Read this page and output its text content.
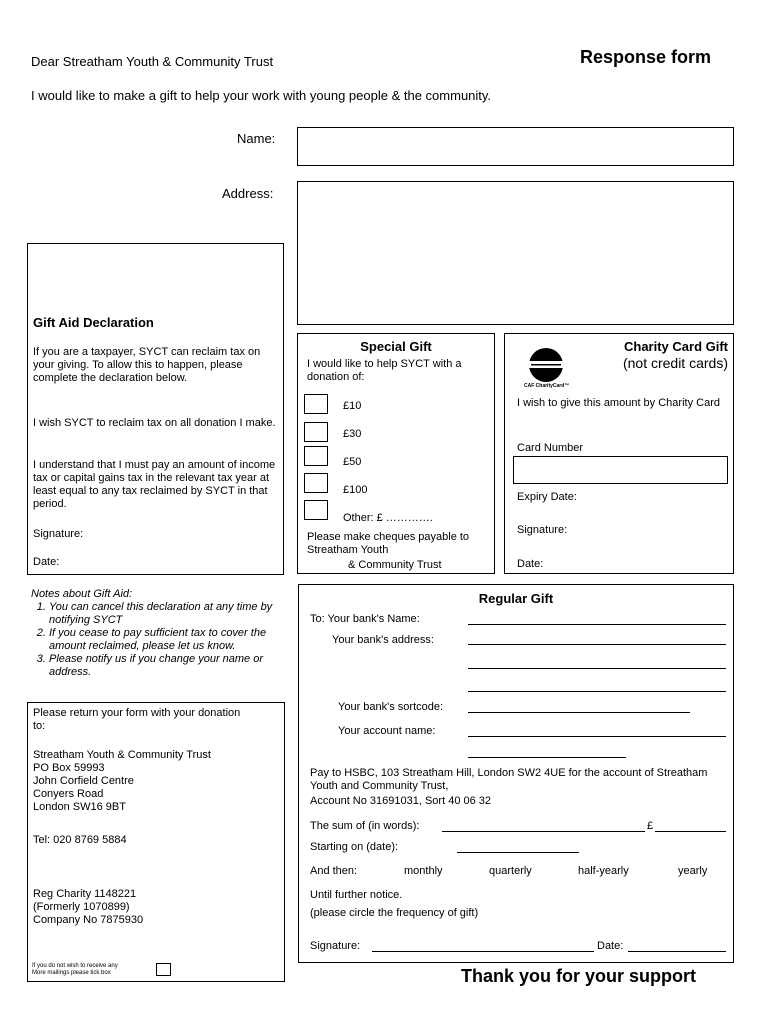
Dear Streatham Youth & Community Trust	Response form
I would like to make a gift to help your work with young people & the community.
Name:
Address:
Gift Aid Declaration
If you are a taxpayer, SYCT can reclaim tax on your giving. To allow this to happen, please complete the declaration below.
I wish SYCT to reclaim tax on all donation I make.
I understand that I must pay an amount of income tax or capital gains tax in the relevant tax year at least equal to any tax reclaimed by SYCT in that period.
Signature:
Date:
Special Gift
I would like to help SYCT with a donation of:
£10
£30
£50
£100
Other: £ ………….
Please make cheques payable to Streatham Youth
& Community Trust
CAF CharityCard™
Charity Card Gift
(not credit cards)
I wish to give this amount by Charity Card
Card Number
Expiry Date:
Signature:
Date:
Notes about Gift Aid:
1. You can cancel this declaration at any time by notifying SYCT
2. If you cease to pay sufficient tax to cover the amount reclaimed, please let us know.
3. Please notify us if you change your name or address.
Please return your form with your donation to:
Streatham Youth & Community Trust
PO Box 59993
John Corfield Centre
Conyers Road
London SW16 9BT
Tel: 020 8769 5884
Reg Charity 1148221
(Formerly 1070899)
Company No 7875930
If you do not wish to receive any
More mailings please tick box
Regular Gift
To: Your bank's Name:
Your bank's address:
Your bank's sortcode:
Your account name:
Pay to HSBC, 103 Streatham Hill, London SW2 4UE for the account of Streatham Youth and Community Trust,
Account No 31691031, Sort 40 06 32
The sum of (in words):	£
Starting on (date):
And then:	monthly	quarterly	half-yearly	yearly
Until further notice.
(please circle the frequency of gift)
Signature:	Date:
Thank you for your support
